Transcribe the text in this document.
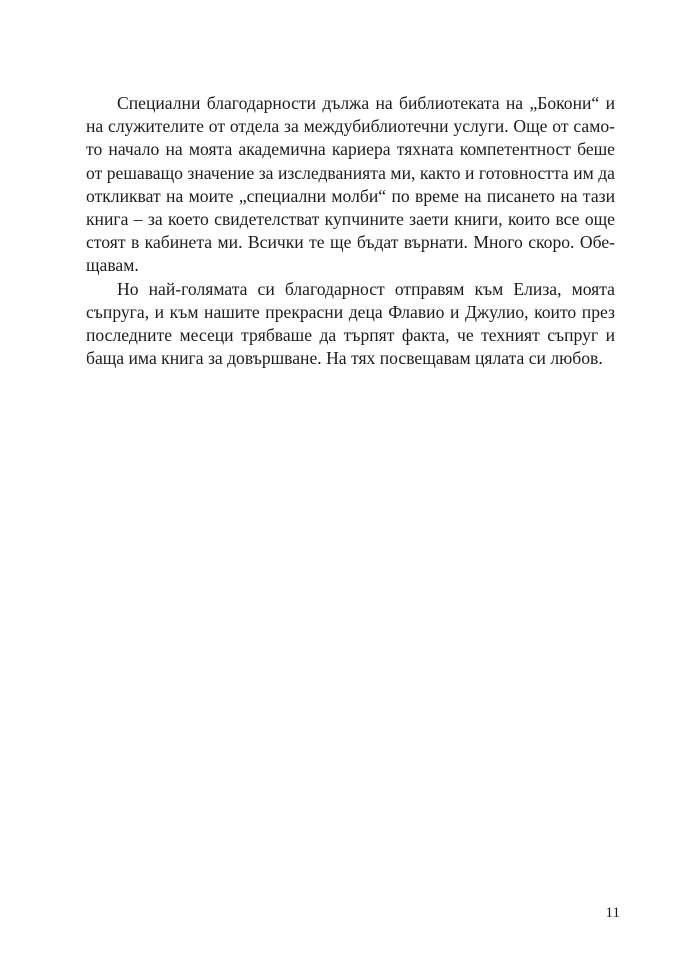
Специални благодарности дължа на библиотеката на „Бокони“ и
на служителите от отдела за междубиблиотечни услуги. Още от само-
то начало на моята академична кариера тяхната компетентност беше
от решаващо значение за изследванията ми, както и готовността им да
откликват на моите „специални молби“ по време на писането на тази
книга – за което свидетелстват купчините заети книги, които все още
стоят в кабинета ми. Всички те ще бъдат върнати. Много скоро. Обе-
щавам.
Но най-голямата си благодарност отправям към Елиза, моята
съпруга, и към нашите прекрасни деца Флавио и Джулио, които през
последните месеци трябваше да търпят факта, че техният съпруг и
баща има книга за довършване. На тях посвещавам цялата си любов.
11
